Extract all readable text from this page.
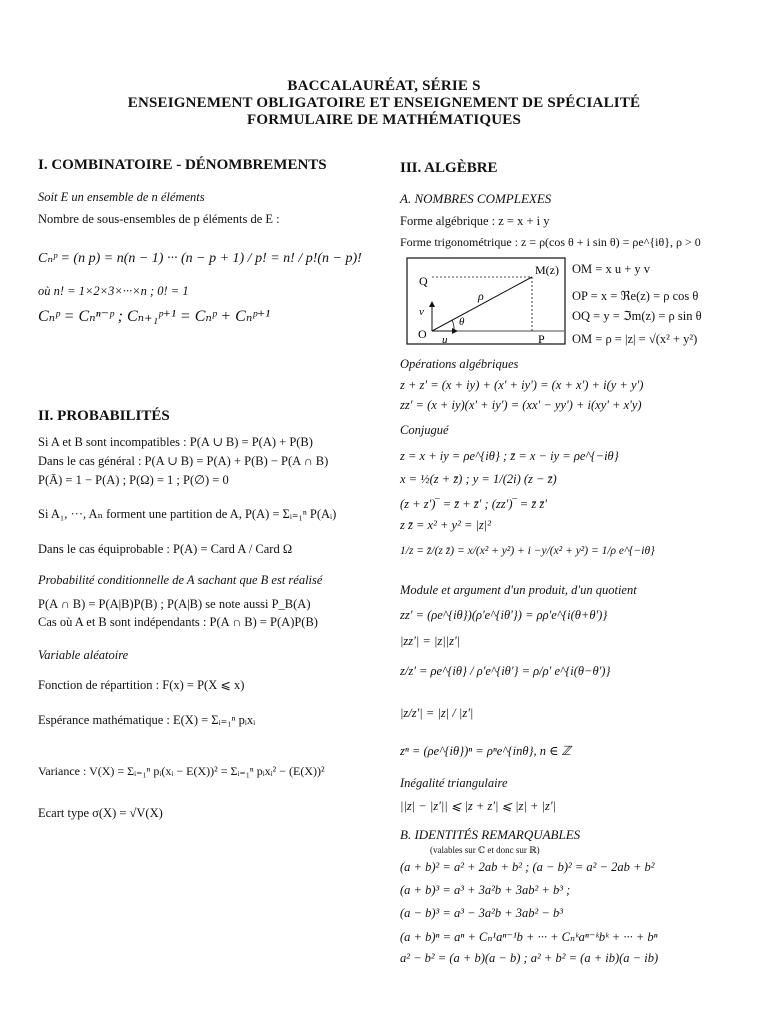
BACCALAURÉAT, SÉRIE S
ENSEIGNEMENT OBLIGATOIRE ET ENSEIGNEMENT DE SPÉCIALITÉ
FORMULAIRE DE MATHÉMATIQUES
I. COMBINATOIRE - DÉNOMBREMENTS
Soit E un ensemble de n éléments
Nombre de sous-ensembles de p éléments de E :
Cₙᵖ = (n p) = n(n − 1) ··· (n − p + 1) / p! = n! / p!(n − p)!
où n! = 1×2×3×···×n ; 0! = 1
Cₙᵖ = Cₙⁿ⁻ᵖ ; Cₙ₊₁ᵖ⁺¹ = Cₙᵖ + Cₙᵖ⁺¹
II. PROBABILITÉS
Si A et B sont incompatibles : P(A ∪ B) = P(A) + P(B)
Dans le cas général : P(A ∪ B) = P(A) + P(B) − P(A ∩ B)
P(Ā) = 1 − P(A) ; P(Ω) = 1 ; P(∅) = 0
Si A₁, ···, Aₙ forment une partition de A, P(A) = Σᵢ₌₁ⁿ P(Aᵢ)
Dans le cas équiprobable : P(A) = Card A / Card Ω
Probabilité conditionnelle de A sachant que B est réalisé
P(A ∩ B) = P(A|B)P(B) ; P(A|B) se note aussi P_B(A)
Cas où A et B sont indépendants : P(A ∩ B) = P(A)P(B)
Variable aléatoire
Fonction de répartition : F(x) = P(X ⩽ x)
Espérance mathématique : E(X) = Σᵢ₌₁ⁿ pᵢxᵢ
Variance : V(X) = Σᵢ₌₁ⁿ pᵢ(xᵢ − E(X))² = Σᵢ₌₁ⁿ pᵢxᵢ² − (E(X))²
Ecart type σ(X) = √V(X)
III. ALGÈBRE
A. NOMBRES COMPLEXES
Forme algébrique : z = x + i y
Forme trigonométrique : z = ρ(cos θ + i sin θ) = ρe^{iθ}, ρ > 0
M(z)
Q
P
O
ρ
θ
v
u
OM = x u + y v
OP = x = ℜe(z) = ρ cos θ
OQ = y = ℑm(z) = ρ sin θ
OM = ρ = |z| = √(x² + y²)
Opérations algébriques
z + z' = (x + iy) + (x' + iy') = (x + x') + i(y + y')
zz' = (x + iy)(x' + iy') = (xx' − yy') + i(xy' + x'y)
Conjugué
z = x + iy = ρe^{iθ} ; z̄ = x − iy = ρe^{−iθ}
x = ½(z + z̄) ; y = 1/(2i) (z − z̄)
(z + z')‾ = z̄ + z̄' ; (zz')‾ = z̄ z̄'
z z̄ = x² + y² = |z|²
1/z = z̄/(z z̄) = x/(x² + y²) + i −y/(x² + y²) = 1/ρ e^{−iθ}
Module et argument d'un produit, d'un quotient
zz' = (ρe^{iθ})(ρ'e^{iθ'}) = ρρ'e^{i(θ+θ')}
|zz'| = |z||z'|
z/z' = ρe^{iθ} / ρ'e^{iθ'} = ρ/ρ' e^{i(θ−θ')}
|z/z'| = |z| / |z'|
zⁿ = (ρe^{iθ})ⁿ = ρⁿe^{inθ}, n ∈ ℤ
Inégalité triangulaire
||z| − |z'|| ⩽ |z + z'| ⩽ |z| + |z'|
B. IDENTITÉS REMARQUABLES
(valables sur ℂ et donc sur ℝ)
(a + b)² = a² + 2ab + b² ; (a − b)² = a² − 2ab + b²
(a + b)³ = a³ + 3a²b + 3ab² + b³ ;
(a − b)³ = a³ − 3a²b + 3ab² − b³
(a + b)ⁿ = aⁿ + Cₙ¹aⁿ⁻¹b + ··· + Cₙᵏaⁿ⁻ᵏbᵏ + ··· + bⁿ
a² − b² = (a + b)(a − b) ; a² + b² = (a + ib)(a − ib)
